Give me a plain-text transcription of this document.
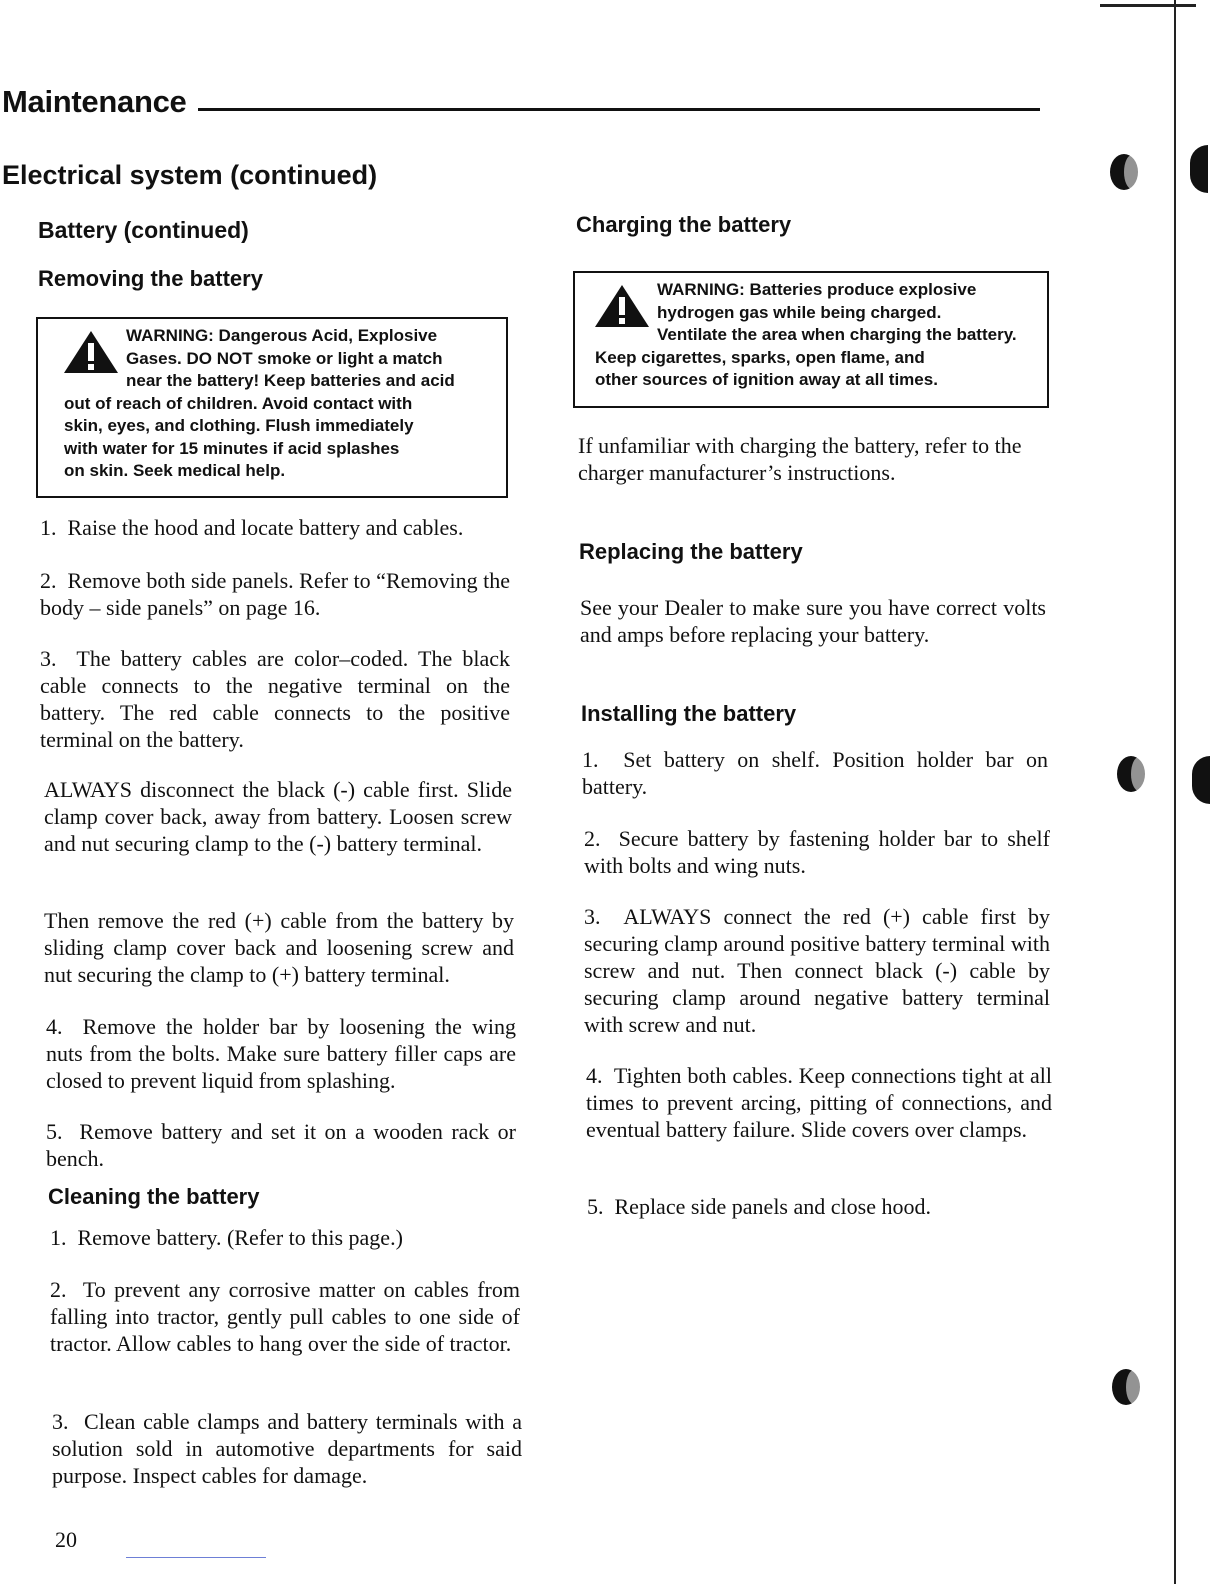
Maintenance
Electrical system (continued)
Battery (continued)
Removing the battery

WARNING: Dangerous Acid, Explosive

Gases. DO NOT smoke or light a match

near the battery! Keep batteries and acid

out of reach of children. Avoid contact with

skin, eyes, and clothing. Flush immediately

with water for 15 minutes if acid splashes

on skin. Seek medical help.

1.  Raise the hood and locate battery and cables.
2.  Remove both side panels. Refer to “Removing the body – side panels” on page 16.
3.  The battery cables are color–coded. The black cable connects to the negative terminal on the battery. The red cable connects to the positive terminal on the battery.
ALWAYS disconnect the black (-) cable first. Slide clamp cover back, away from battery. Loosen screw and nut securing clamp to the (-) battery terminal.
Then remove the red (+) cable from the battery by sliding clamp cover back and loosening screw and nut securing the clamp to (+) battery terminal.
4.  Remove the holder bar by loosening the wing nuts from the bolts. Make sure battery filler caps are closed to prevent liquid from splashing.
5.  Remove battery and set it on a wooden rack or bench.
Cleaning the battery
1.  Remove battery. (Refer to this page.)
2.  To prevent any corrosive matter on cables from falling into tractor, gently pull cables to one side of tractor. Allow cables to hang over the side of tractor.
3.  Clean cable clamps and battery terminals with a solution sold in automotive departments for said purpose. Inspect cables for damage.
Charging the battery

WARNING: Batteries produce explosive

hydrogen gas while being charged.

Ventilate the area when charging the battery.

Keep cigarettes, sparks, open flame, and

other sources of ignition away at all times.

If unfamiliar with charging the battery, refer to the charger manufacturer’s instructions.
Replacing the battery
See your Dealer to make sure you have correct volts and amps before replacing your battery.
Installing the battery
1.  Set battery on shelf. Position holder bar on battery.
2.  Secure battery by fastening holder bar to shelf with bolts and wing nuts.
3.  ALWAYS connect the red (+) cable first by securing clamp around positive battery terminal with screw and nut. Then connect black (-) cable by securing clamp around negative battery terminal with screw and nut.
4.  Tighten both cables. Keep connections tight at all times to prevent arcing, pitting of connections, and eventual battery failure. Slide covers over clamps.
5.  Replace side panels and close hood.
20
